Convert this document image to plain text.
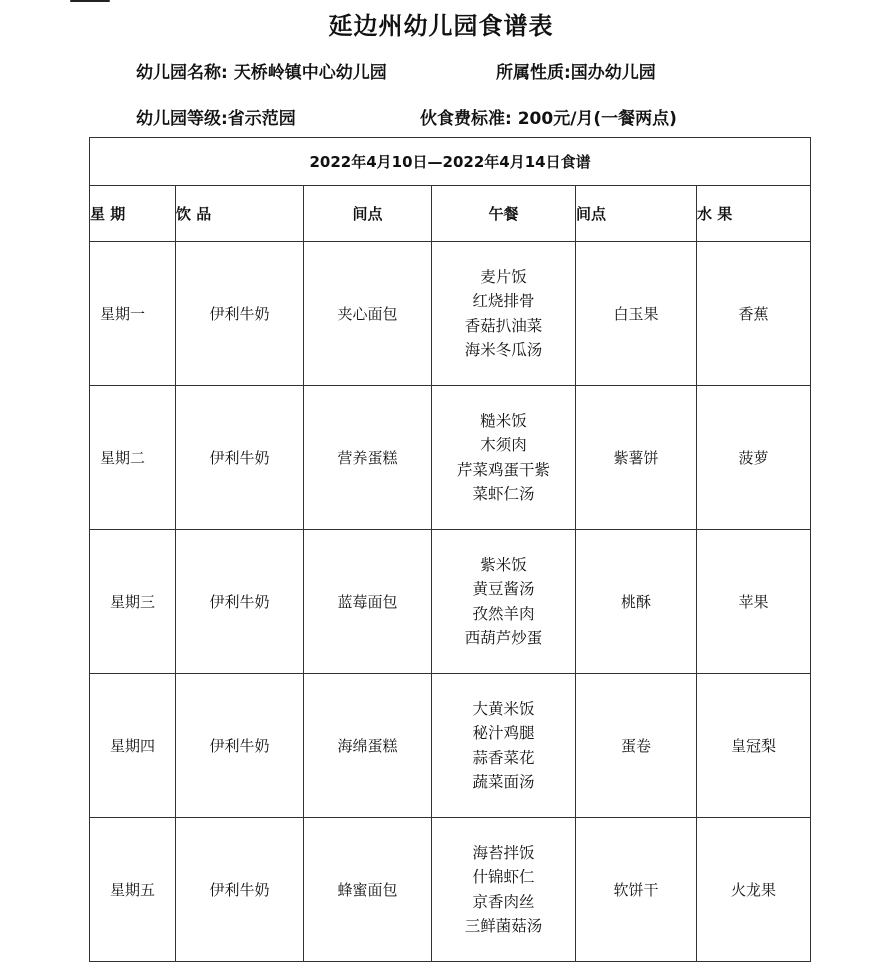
延边州幼儿园食谱表
幼儿园名称: 天桥岭镇中心幼儿园	所属性质:国办幼儿园
幼儿园等级:省示范园	伙食费标准: 200元/月(一餐两点)
2022年4月10日—2022年4月14日食谱					
星 期	饮 品	间点	午餐	间点	水 果
星期一	伊利牛奶	夹心面包	麦片饭
红烧排骨
香菇扒油菜
海米冬瓜汤	白玉果	香蕉
星期二	伊利牛奶	营养蛋糕	糙米饭
木须肉
芹菜鸡蛋干紫
菜虾仁汤	紫薯饼	菠萝
星期三	伊利牛奶	蓝莓面包	紫米饭
黄豆酱汤
孜然羊肉
西葫芦炒蛋	桃酥	苹果
星期四	伊利牛奶	海绵蛋糕	大黄米饭
秘汁鸡腿
蒜香菜花
蔬菜面汤	蛋卷	皇冠梨
星期五	伊利牛奶	蜂蜜面包	海苔拌饭
什锦虾仁
京香肉丝
三鲜菌菇汤	软饼干	火龙果
